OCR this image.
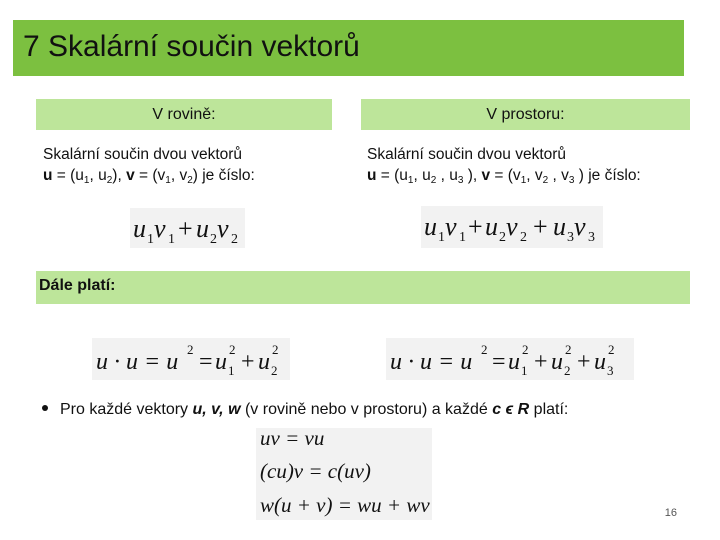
7 Skalární součin vektorů
V rovině:	V prostoru:
Skalární součin dvou vektorů
$u = (u_1$, $u_2$), $v = (v_1$, $v_2$) je číslo:
Skalární součin dvou vektorů
$u = (u_1$, $u_2$ , $u_3$ ), $v = (v_1$, $v_2$ , $v_3$ ) je číslo:
u 1 v 1 + u 2 v 2	u 1 v 1 + u 2 v 2 + u 3 v 3
Dále platí:
u · u = u 2 = u 1
2 + u 2
2	u · u = u 2 = u 1
2 + u 2
2 + u 3
2
Pro každé vektory u, v, w (v rovině nebo v prostoru) a každé c ϵ R platí:
uv = vu
(cu)v = c(uv)
w(u + v) = wu + wv	16
